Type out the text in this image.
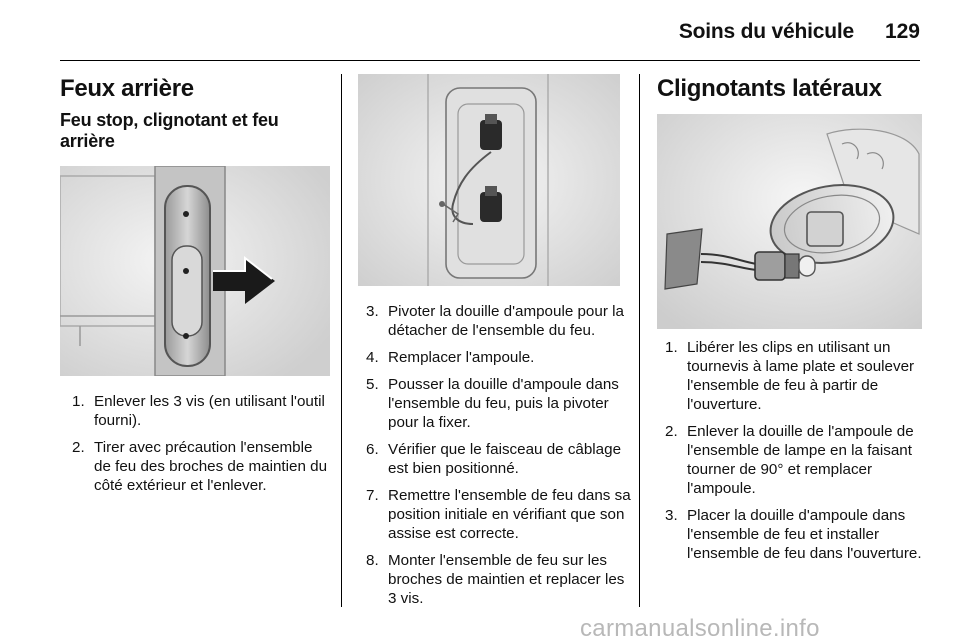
Soins du véhicule 129
Feux arrière
Feu stop, clignotant et feu arrière
1. Enlever les 3 vis (en utilisant l'outil fourni).
2. Tirer avec précaution l'ensemble de feu des broches de maintien du côté extérieur et l'enlever.
3. Pivoter la douille d'ampoule pour la détacher de l'ensemble du feu.
4. Remplacer l'ampoule.
5. Pousser la douille d'ampoule dans l'ensemble du feu, puis la pivoter pour la fixer.
6. Vérifier que le faisceau de câblage est bien positionné.
7. Remettre l'ensemble de feu dans sa position initiale en vérifiant que son assise est correcte.
8. Monter l'ensemble de feu sur les broches de maintien et replacer les 3 vis.
Clignotants latéraux
1. Libérer les clips en utilisant un tournevis à lame plate et soulever l'ensemble de feu à partir de l'ouverture.
2. Enlever la douille de l'ampoule de l'ensemble de lampe en la faisant tourner de 90° et remplacer l'ampoule.
3. Placer la douille d'ampoule dans l'ensemble de feu et installer l'ensemble de feu dans l'ouverture.
carmanualsonline.info
